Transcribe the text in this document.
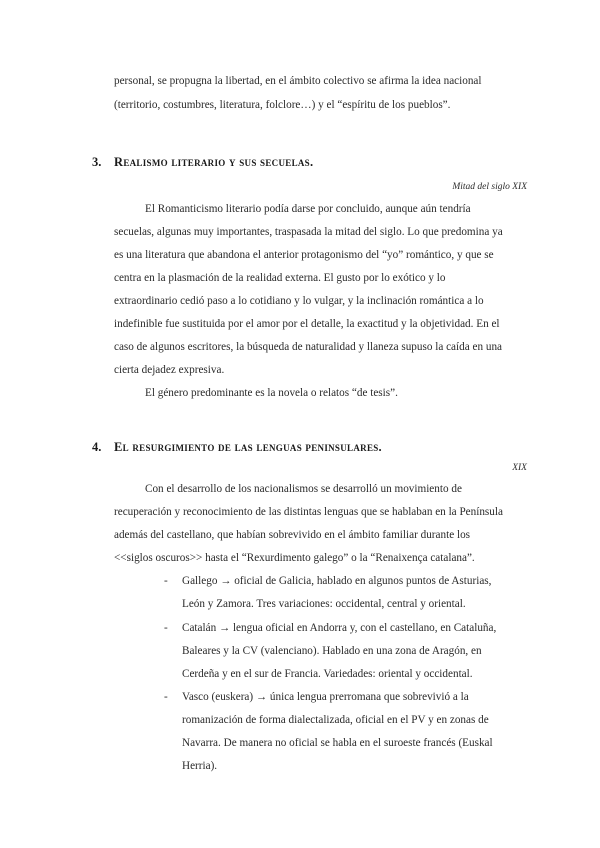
personal, se propugna la libertad, en el ámbito colectivo se afirma la idea nacional
(territorio, costumbres, literatura, folclore…) y el “espíritu de los pueblos”.
3. Realismo literario y sus secuelas.
Mitad del siglo XIX
El Romanticismo literario podía darse por concluido, aunque aún tendría
secuelas, algunas muy importantes, traspasada la mitad del siglo. Lo que predomina ya
es una literatura que abandona el anterior protagonismo del “yo” romántico, y que se
centra en la plasmación de la realidad externa. El gusto por lo exótico y lo
extraordinario cedió paso a lo cotidiano y lo vulgar, y la inclinación romántica a lo
indefinible fue sustituida por el amor por el detalle, la exactitud y la objetividad. En el
caso de algunos escritores, la búsqueda de naturalidad y llaneza supuso la caída en una
cierta dejadez expresiva.
El género predominante es la novela o relatos “de tesis”.
4. El resurgimiento de las lenguas peninsulares.
XIX
Con el desarrollo de los nacionalismos se desarrolló un movimiento de
recuperación y reconocimiento de las distintas lenguas que se hablaban en la Península
además del castellano, que habían sobrevivido en el ámbito familiar durante los
<<siglos oscuros>> hasta el “Rexurdimento galego” o la “Renaixença catalana”.
- Gallego → oficial de Galicia, hablado en algunos puntos de Asturias,
León y Zamora. Tres variaciones: occidental, central y oriental.
- Catalán → lengua oficial en Andorra y, con el castellano, en Cataluña,
Baleares y la CV (valenciano). Hablado en una zona de Aragón, en
Cerdeña y en el sur de Francia. Variedades: oriental y occidental.
- Vasco (euskera) → única lengua prerromana que sobrevivió a la
romanización de forma dialectalizada, oficial en el PV y en zonas de
Navarra. De manera no oficial se habla en el suroeste francés (Euskal
Herria).
